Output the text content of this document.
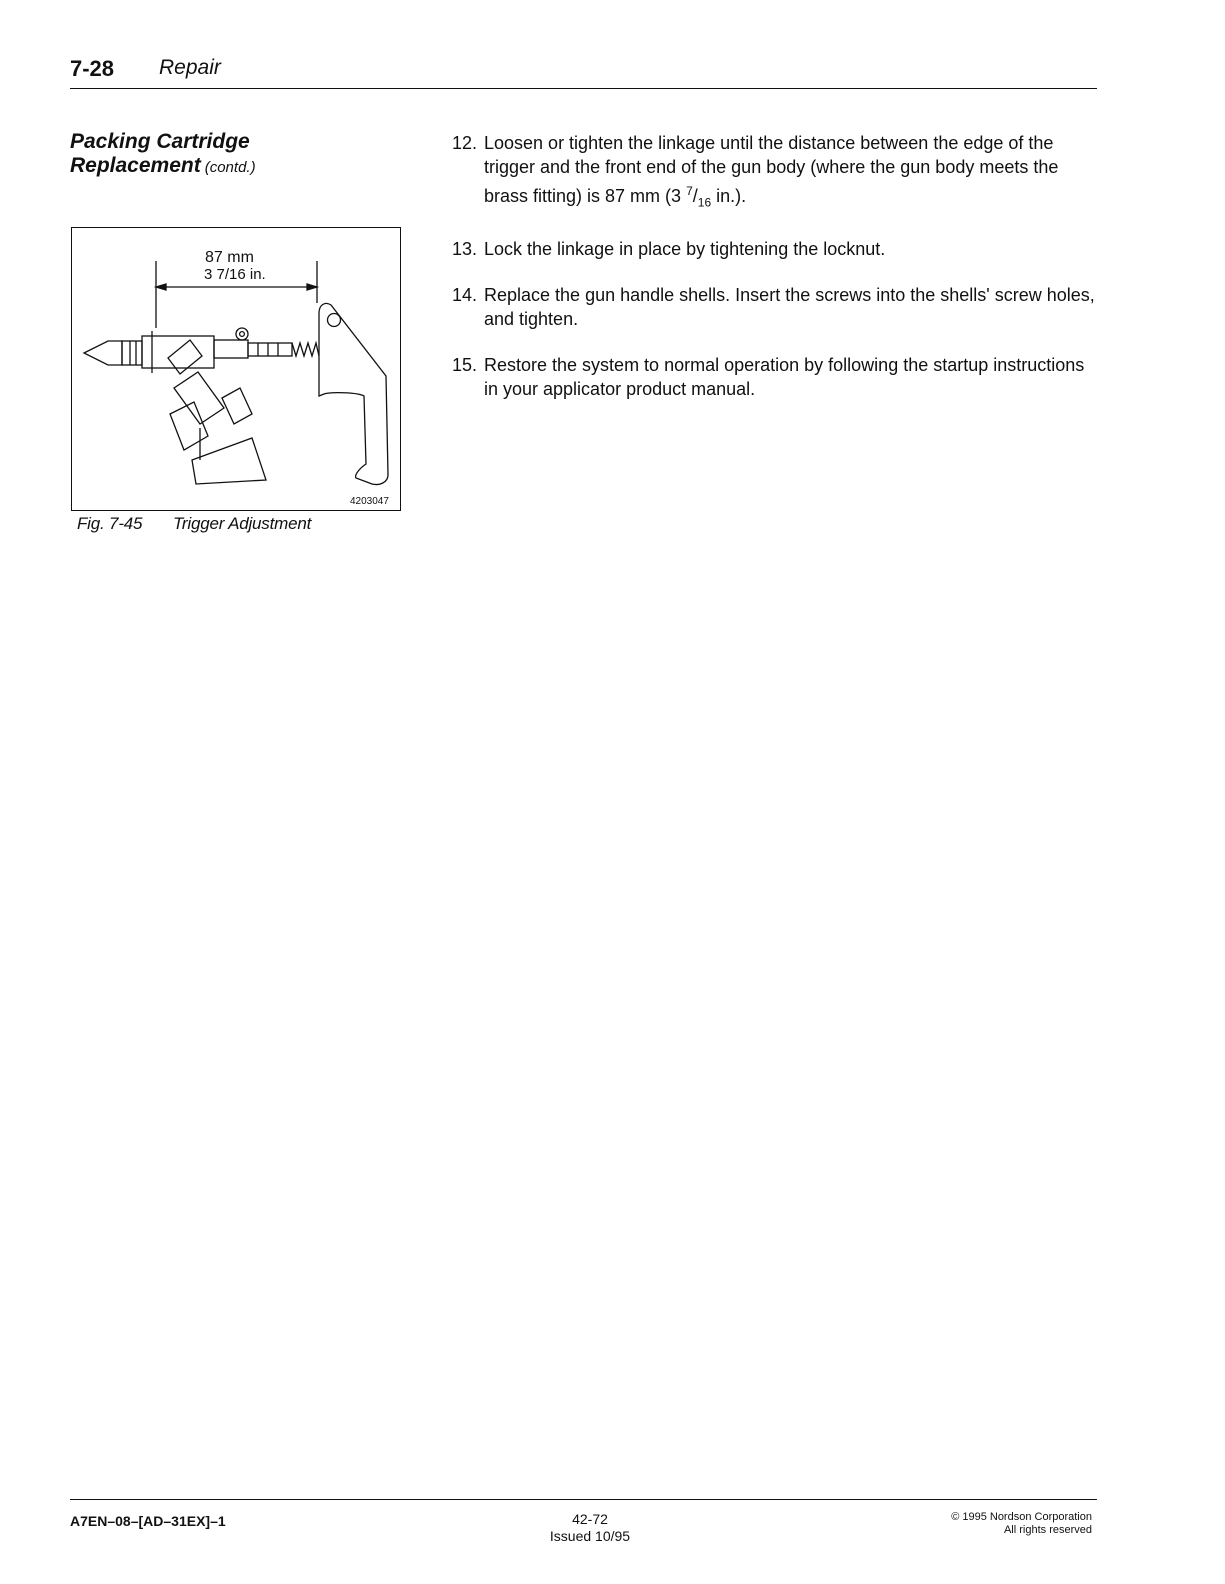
7-28 Repair
Packing Cartridge
Replacement (contd.)
87 mm
3 7/16 in.
4203047
Fig. 7-45 Trigger Adjustment
12. Loosen or tighten the linkage until the distance between the edge of the trigger and the front end of the gun body (where the gun body meets the brass fitting) is 87 mm (3 $^7/_{16}$ in.).
13. Lock the linkage in place by tightening the locknut.
14. Replace the gun handle shells. Insert the screws into the shells' screw holes, and tighten.
15. Restore the system to normal operation by following the startup instructions in your applicator product manual.
A7EN–08–[AD–31EX]–1	42-72
Issued 10/95
© 1995 Nordson Corporation
All rights reserved
